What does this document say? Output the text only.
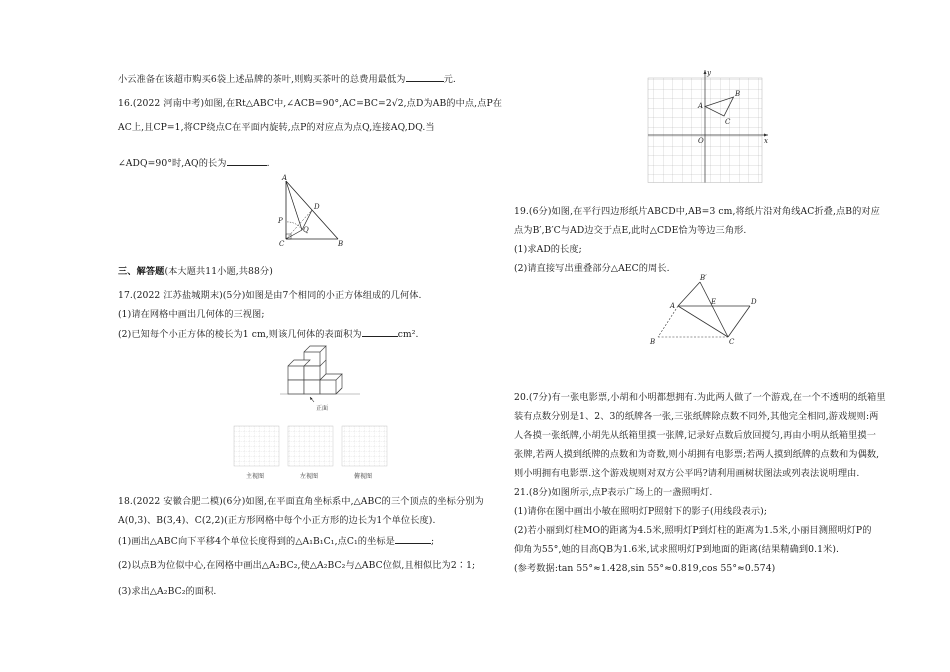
小云准备在该超市购买6袋上述品牌的茶叶,则购买茶叶的总费用最低为	元.
16.(2022 河南中考)如图,在Rt△ABC中,∠ACB=90°,AC=BC=2√2,点D为AB的中点,点P在
AC上,且CP=1,将CP绕点C在平面内旋转,点P的对应点为点Q,连接AQ,DQ.当
∠ADQ=90°时,AQ的长为	.
A
B
C
D
P
Q
三、解答题(本大题共11小题,共88分)
17.(2022 江苏盐城期末)(5分)如图是由7个相同的小正方体组成的几何体.
(1)请在网格中画出几何体的三视图;
(2)已知每个小正方体的棱长为1 cm,则该几何体的表面积为	cm².
正面
主视图	左视图	俯视图
18.(2022 安徽合肥二模)(6分)如图,在平面直角坐标系中,△ABC的三个顶点的坐标分别为
A(0,3)、B(3,4)、C(2,2)(正方形网格中每个小正方形的边长为1个单位长度).
(1)画出△ABC向下平移4个单位长度得到的△A₁B₁C₁,点C₁的坐标是	;
(2)以点B为位似中心,在网格中画出△A₂BC₂,使△A₂BC₂与△ABC位似,且相似比为2∶1;
(3)求出△A₂BC₂的面积.
y
x
O
A
B
C
19.(6分)如图,在平行四边形纸片ABCD中,AB=3 cm,将纸片沿对角线AC折叠,点B的对应
点为B′,B′C与AD边交于点E,此时△CDE恰为等边三角形.
(1)求AD的长度;
(2)请直接写出重叠部分△AEC的周长.
B′
A	E	D
B	C
20.(7分)有一张电影票,小胡和小明都想拥有.为此两人做了一个游戏,在一个不透明的纸箱里
装有点数分别是1、2、3的纸牌各一张,三张纸牌除点数不同外,其他完全相同,游戏规则:两
人各摸一张纸牌,小胡先从纸箱里摸一张牌,记录好点数后放回搅匀,再由小明从纸箱里摸一
张牌,若两人摸到纸牌的点数和为奇数,则小胡拥有电影票;若两人摸到纸牌的点数和为偶数,
则小明拥有电影票.这个游戏规则对双方公平吗?请利用画树状图法或列表法说明理由.
21.(8分)如图所示,点P表示广场上的一盏照明灯.
(1)请你在图中画出小敏在照明灯P照射下的影子(用线段表示);
(2)若小丽到灯柱MO的距离为4.5米,照明灯P到灯柱的距离为1.5米,小丽目测照明灯P的
仰角为55°,她的目高QB为1.6米,试求照明灯P到地面的距离(结果精确到0.1米).
(参考数据:tan 55°≈1.428,sin 55°≈0.819,cos 55°≈0.574)
